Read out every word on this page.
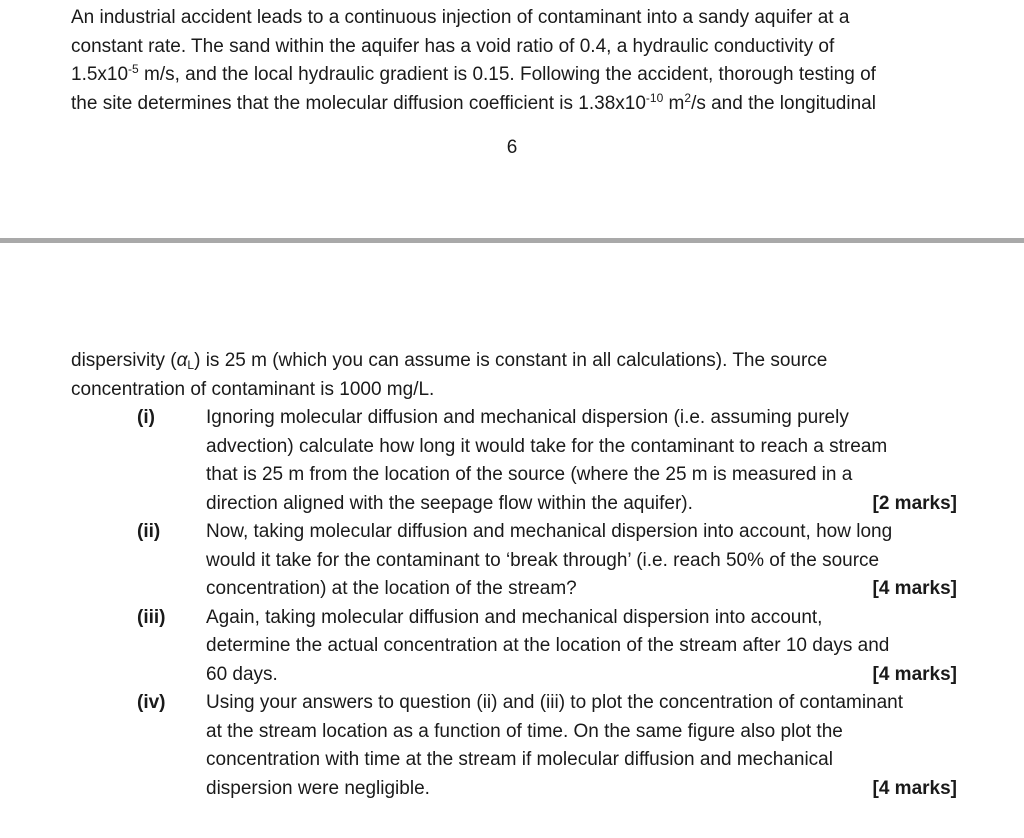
An industrial accident leads to a continuous injection of contaminant into a sandy aquifer at a
constant rate. The sand within the aquifer has a void ratio of 0.4, a hydraulic conductivity of
$1.5x10^{-5}$ m/s, and the local hydraulic gradient is 0.15. Following the accident, thorough testing of
the site determines that the molecular diffusion coefficient is $1.38x10^{-10}$ $m^2/s$ and the longitudinal
6
dispersivity $(\alpha_L)$ is 25 m (which you can assume is constant in all calculations). The source
concentration of contaminant is 1000 mg/L.
(i)	Ignoring molecular diffusion and mechanical dispersion (i.e. assuming purely
advection) calculate how long it would take for the contaminant to reach a stream
that is 25 m from the location of the source (where the 25 m is measured in a
direction aligned with the seepage flow within the aquifer).	[2 marks]
(ii) Now, taking molecular diffusion and mechanical dispersion into account, how long
would it take for the contaminant to ‘break through’ (i.e. reach 50% of the source
concentration) at the location of the stream?	[4 marks]
(iii) Again, taking molecular diffusion and mechanical dispersion into account,
determine the actual concentration at the location of the stream after 10 days and
60 days.	[4 marks]
(iv) Using your answers to question (ii) and (iii) to plot the concentration of contaminant
at the stream location as a function of time. On the same figure also plot the
concentration with time at the stream if molecular diffusion and mechanical
dispersion were negligible.	[4 marks]
